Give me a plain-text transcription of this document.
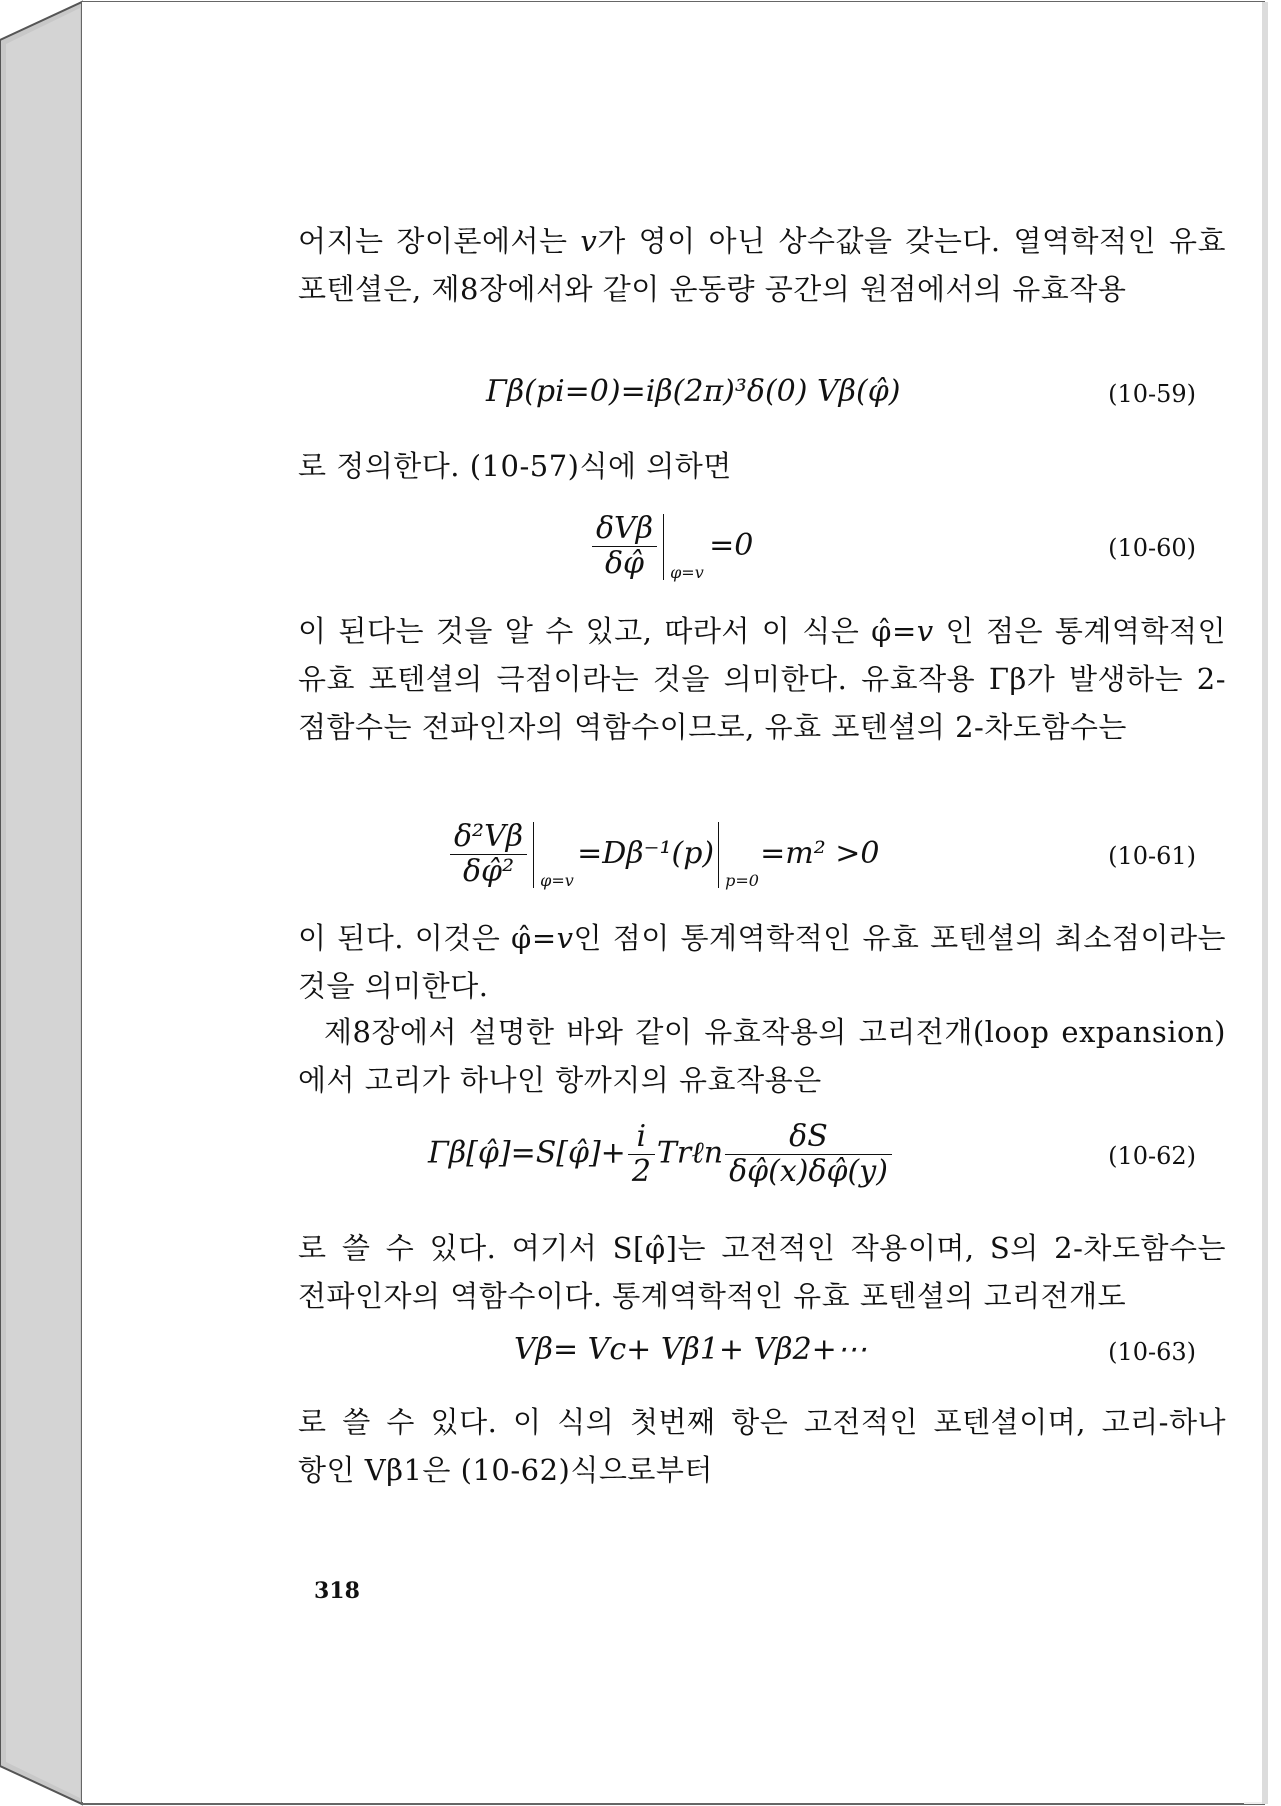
어지는 장이론에서는 𝑣가 영이 아닌 상수값을 갖는다. 열역학적인 유효 포텐셜은, 제8장에서와 같이 운동량 공간의 원점에서의 유효작용
Γβ(pi=0)=iβ(2π)³δ(0) Vβ(φ̂)	(10-59)
로 정의한다. (10-57)식에 의하면
$\frac{\text{δVβ}}{\delta\varphî} \varphi=v$
=0	(10-60)
이 된다는 것을 알 수 있고, 따라서 이 식은 φ̂=𝑣 인 점은 통계역학적인 유효 포텐셜의 극점이라는 것을 의미한다. 유효작용 Γβ가 발생하는 2-점함수는 전파인자의 역함수이므로, 유효 포텐셜의 2-차도함수는
$\frac{\text{δ²Vβ}}{\text{δφ̂²}} \varphi=v$
=Dβ⁻¹(p)
p=0
=m² >0	(10-61)
이 된다. 이것은 φ̂=𝑣인 점이 통계역학적인 유효 포텐셜의 최소점이라는 것을 의미한다.
제8장에서 설명한 바와 같이 유효작용의 고리전개(loop expansion)에서 고리가 하나인 항까지의 유효작용은
Γβ[φ̂]=S[φ̂]+ $\frac{i}{2}$ Trℓn $\frac{\delta S}{\delta\varphî(x)\delta\varphî(y)}$	(10-62)
로 쓸 수 있다. 여기서 S[φ̂]는 고전적인 작용이며, S의 2-차도함수는 전파인자의 역함수이다. 통계역학적인 유효 포텐셜의 고리전개도
Vβ= Vc+ Vβ1+ Vβ2+⋯	(10-63)
로 쓸 수 있다. 이 식의 첫번째 항은 고전적인 포텐셜이며, 고리-하나 항인 Vβ1은 (10-62)식으로부터
318
